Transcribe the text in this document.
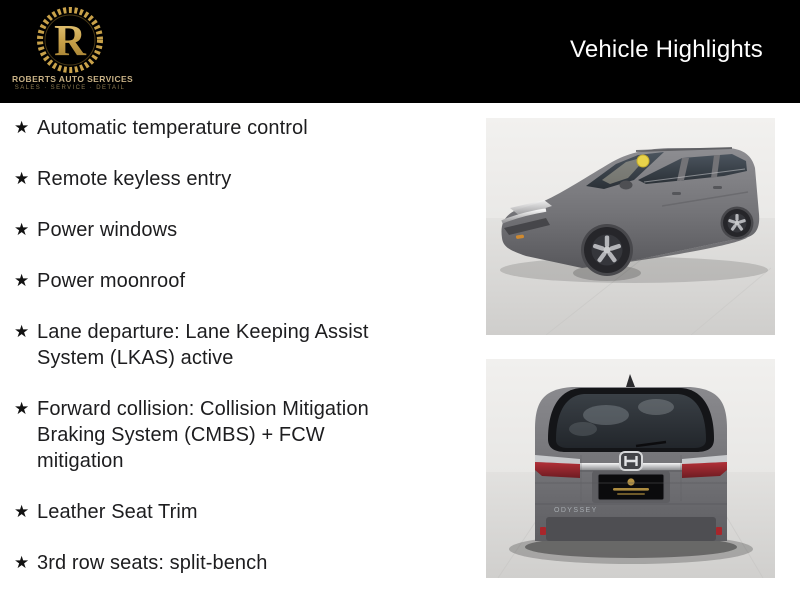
R
ROBERTS AUTO SERVICES
SALES · SERVICE · DETAIL
Vehicle Highlights
★ Automatic temperature control
★ Remote keyless entry
★ Power windows
★ Power moonroof
★ Lane departure: Lane Keeping Assist System (LKAS) active
★ Forward collision: Collision Mitigation Braking System (CMBS) + FCW mitigation
★ Leather Seat Trim
★ 3rd row seats: split-bench
ODYSSEY
